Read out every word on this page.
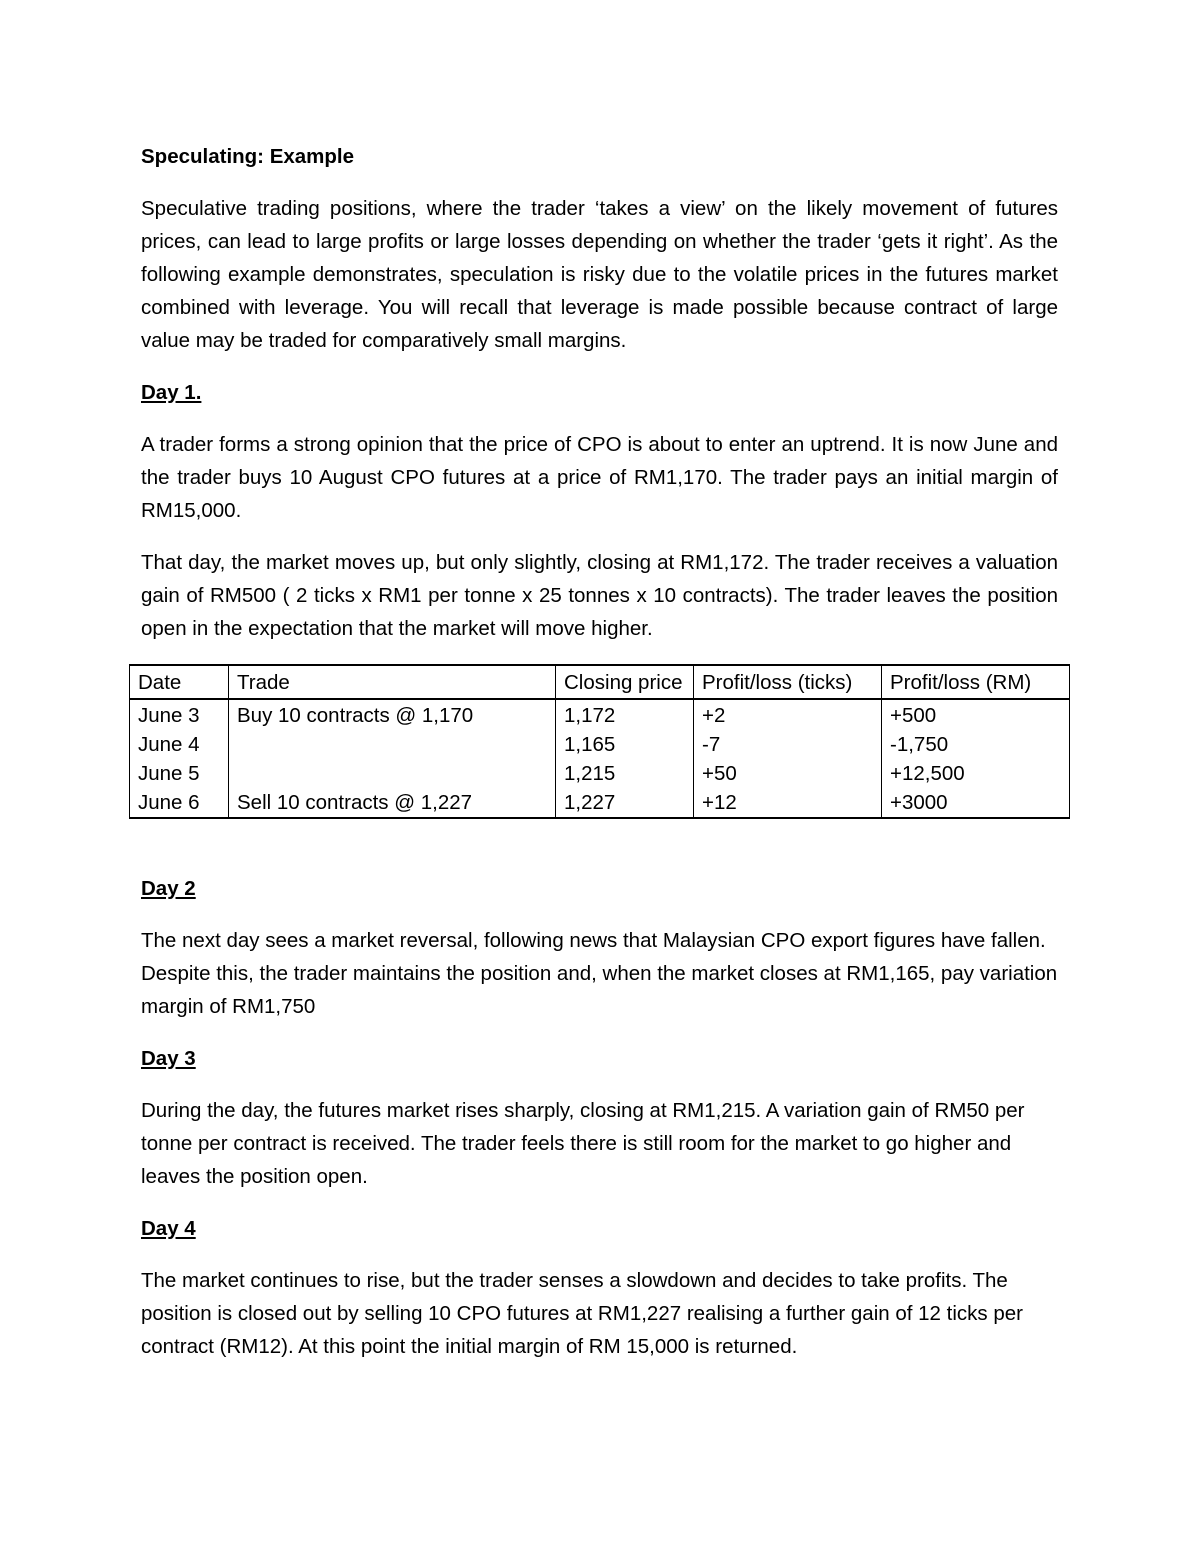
Speculating: Example

Speculative trading positions, where the trader ‘takes a view’ on the likely movement of futures prices, can lead to large profits or large losses depending on whether the trader ‘gets it right’. As the following example demonstrates, speculation is risky due to the volatile prices in the futures market combined with leverage. You will recall that leverage is made possible because contract of large value may be traded for comparatively small margins.

Day 1.

A trader forms a strong opinion that the price of CPO is about to enter an uptrend. It is now June and the trader buys 10 August CPO futures at a price of RM1,170. The trader pays an initial margin of RM15,000.

That day, the market moves up, but only slightly, closing at RM1,172. The trader receives a valuation gain of RM500 ( 2 ticks x RM1 per tonne x 25 tonnes x 10 contracts). The trader leaves the position open in the expectation that the market will move higher.

Date	Trade	Closing price	Profit/loss (ticks)	Profit/loss (RM)
June 3	Buy 10 contracts @ 1,170	1,172	+2	+500
June 4		1,165	-7	-1,750
June 5		1,215	+50	+12,500
June 6	Sell 10 contracts @ 1,227	1,227	+12	+3000
Day 2

The next day sees a market reversal, following news that Malaysian CPO export figures have fallen. Despite this, the trader maintains the position and, when the market closes at RM1,165, pay variation margin of RM1,750

Day 3

During the day, the futures market rises sharply, closing at RM1,215. A variation gain of RM50 per tonne per contract is received. The trader feels there is still room for the market to go higher and leaves the position open.

Day 4

The market continues to rise, but the trader senses a slowdown and decides to take profits. The position is closed out by selling 10 CPO futures at RM1,227 realising a further gain of 12 ticks per contract (RM12). At this point the initial margin of RM 15,000 is returned.
